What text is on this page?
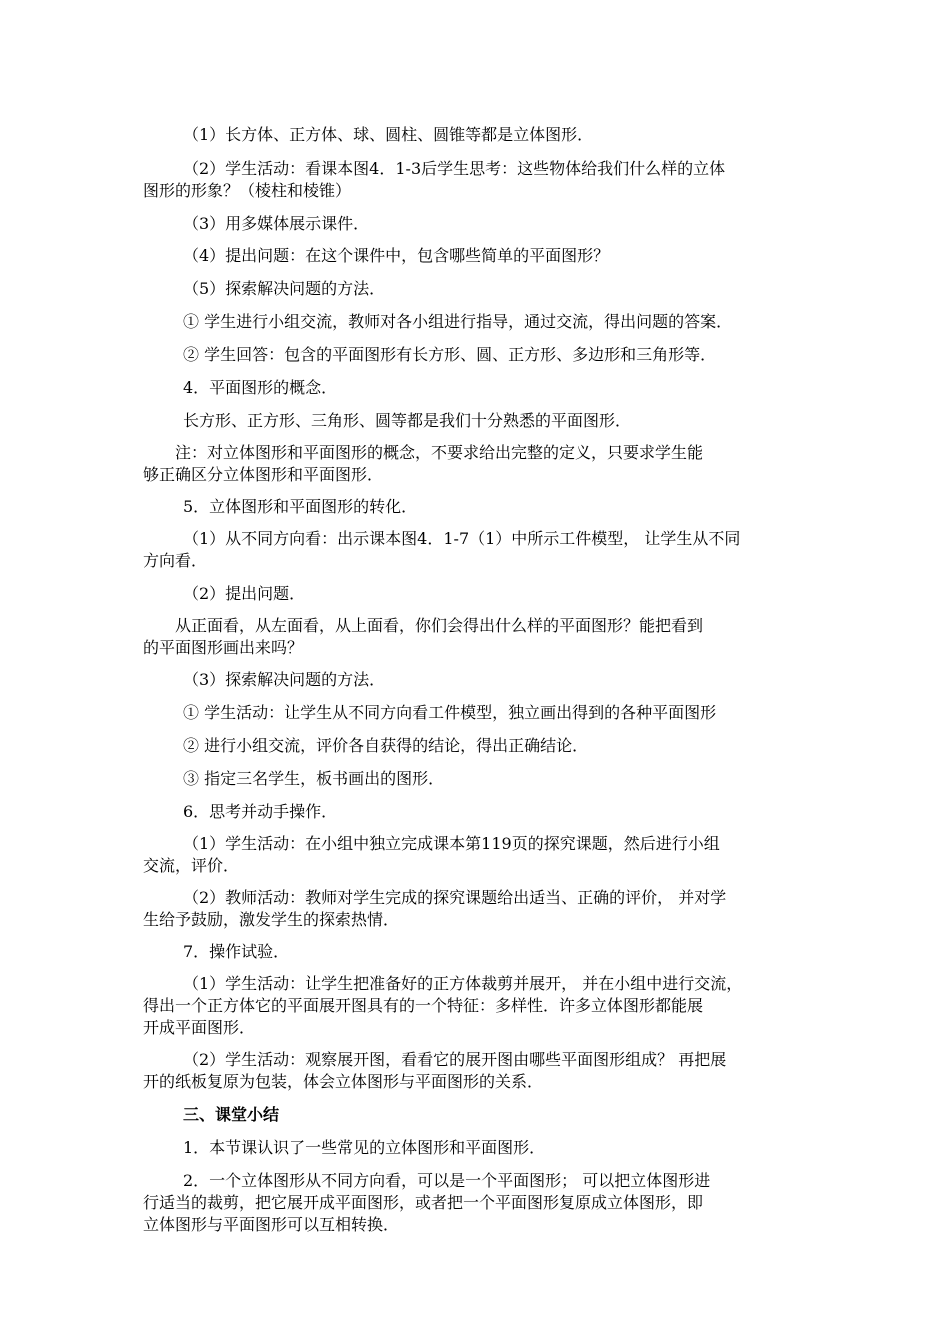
（1）长方体、正方体、球、圆柱、圆锥等都是立体图形．
（2）学生活动：看课本图4．1-3后学生思考：这些物体给我们什么样的立体
图形的形象？（棱柱和棱锥）
（3）用多媒体展示课件．
（4）提出问题：在这个课件中，包含哪些简单的平面图形？
（5）探索解决问题的方法．
① 学生进行小组交流，教师对各小组进行指导，通过交流，得出问题的答案．
② 学生回答：包含的平面图形有长方形、圆、正方形、多边形和三角形等．
4．平面图形的概念．
长方形、正方形、三角形、圆等都是我们十分熟悉的平面图形．
注：对立体图形和平面图形的概念，不要求给出完整的定义，只要求学生能
够正确区分立体图形和平面图形．
5．立体图形和平面图形的转化．
（1）从不同方向看：出示课本图4．1-7（1）中所示工件模型， 让学生从不同
方向看．
（2）提出问题．
从正面看，从左面看，从上面看，你们会得出什么样的平面图形？能把看到
的平面图形画出来吗？
（3）探索解决问题的方法．
① 学生活动：让学生从不同方向看工件模型，独立画出得到的各种平面图形
② 进行小组交流，评价各自获得的结论，得出正确结论．
③ 指定三名学生，板书画出的图形．
6．思考并动手操作．
（1）学生活动：在小组中独立完成课本第119页的探究课题，然后进行小组
交流，评价．
（2）教师活动：教师对学生完成的探究课题给出适当、正确的评价， 并对学
生给予鼓励，激发学生的探索热情．
7．操作试验．
（1）学生活动：让学生把准备好的正方体裁剪并展开， 并在小组中进行交流，
得出一个正方体它的平面展开图具有的一个特征：多样性．许多立体图形都能展
开成平面图形．
（2）学生活动：观察展开图，看看它的展开图由哪些平面图形组成？ 再把展
开的纸板复原为包装，体会立体图形与平面图形的关系．
三、课堂小结
1．本节课认识了一些常见的立体图形和平面图形．
2．一个立体图形从不同方向看，可以是一个平面图形； 可以把立体图形进
行适当的裁剪，把它展开成平面图形，或者把一个平面图形复原成立体图形，即
立体图形与平面图形可以互相转换．
